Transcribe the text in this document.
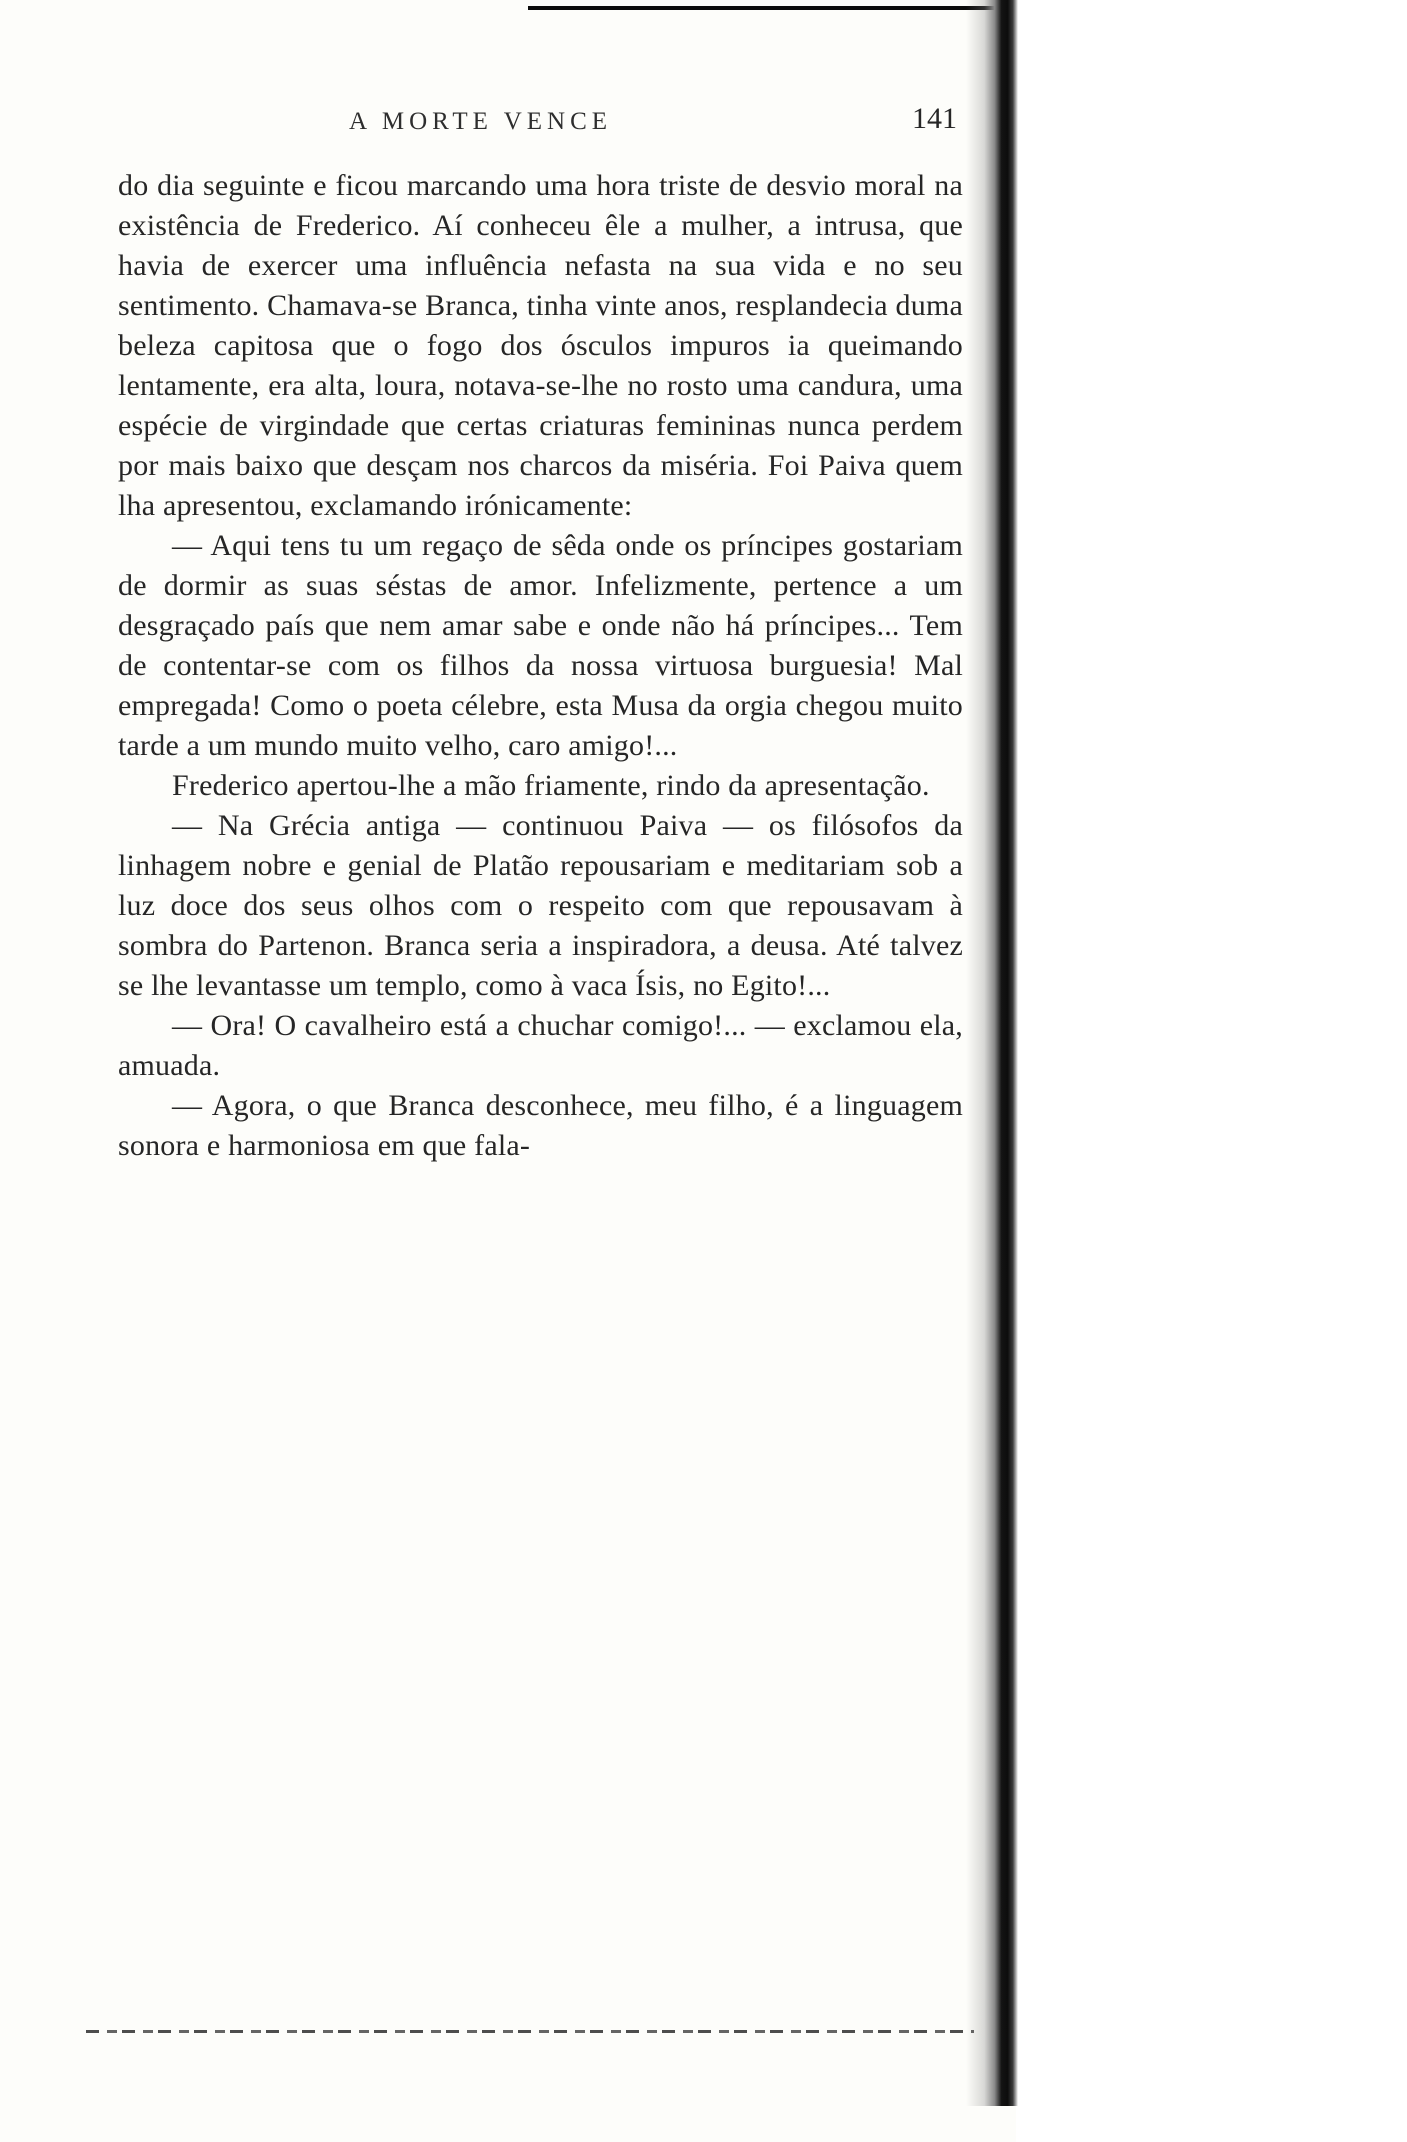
A MORTE VENCE	141

do dia seguinte e ficou marcando uma hora triste de desvio moral na existência de Frederico. Aí conheceu êle a mulher, a intrusa, que havia de exercer uma influência nefasta na sua vida e no seu sentimento. Chamava-se Branca, tinha vinte anos, resplandecia duma beleza capitosa que o fogo dos ósculos impuros ia queimando lentamente, era alta, loura, notava-se-lhe no rosto uma candura, uma espécie de virgindade que certas criaturas femininas nunca perdem por mais baixo que desçam nos charcos da miséria. Foi Paiva quem lha apresentou, exclamando irónicamente:

— Aqui tens tu um regaço de sêda onde os príncipes gostariam de dormir as suas séstas de amor. Infelizmente, pertence a um desgraçado país que nem amar sabe e onde não há príncipes... Tem de contentar-se com os filhos da nossa virtuosa burguesia! Mal empregada! Como o poeta célebre, esta Musa da orgia chegou muito tarde a um mundo muito velho, caro amigo!...

Frederico apertou-lhe a mão friamente, rindo da apresentação.

— Na Grécia antiga — continuou Paiva — os filósofos da linhagem nobre e genial de Platão repousariam e meditariam sob a luz doce dos seus olhos com o respeito com que repousavam à sombra do Partenon. Branca seria a inspiradora, a deusa. Até talvez se lhe levantasse um templo, como à vaca Ísis, no Egito!...

— Ora! O cavalheiro está a chuchar comigo!... — exclamou ela, amuada.

— Agora, o que Branca desconhece, meu filho, é a linguagem sonora e harmoniosa em que fala-
